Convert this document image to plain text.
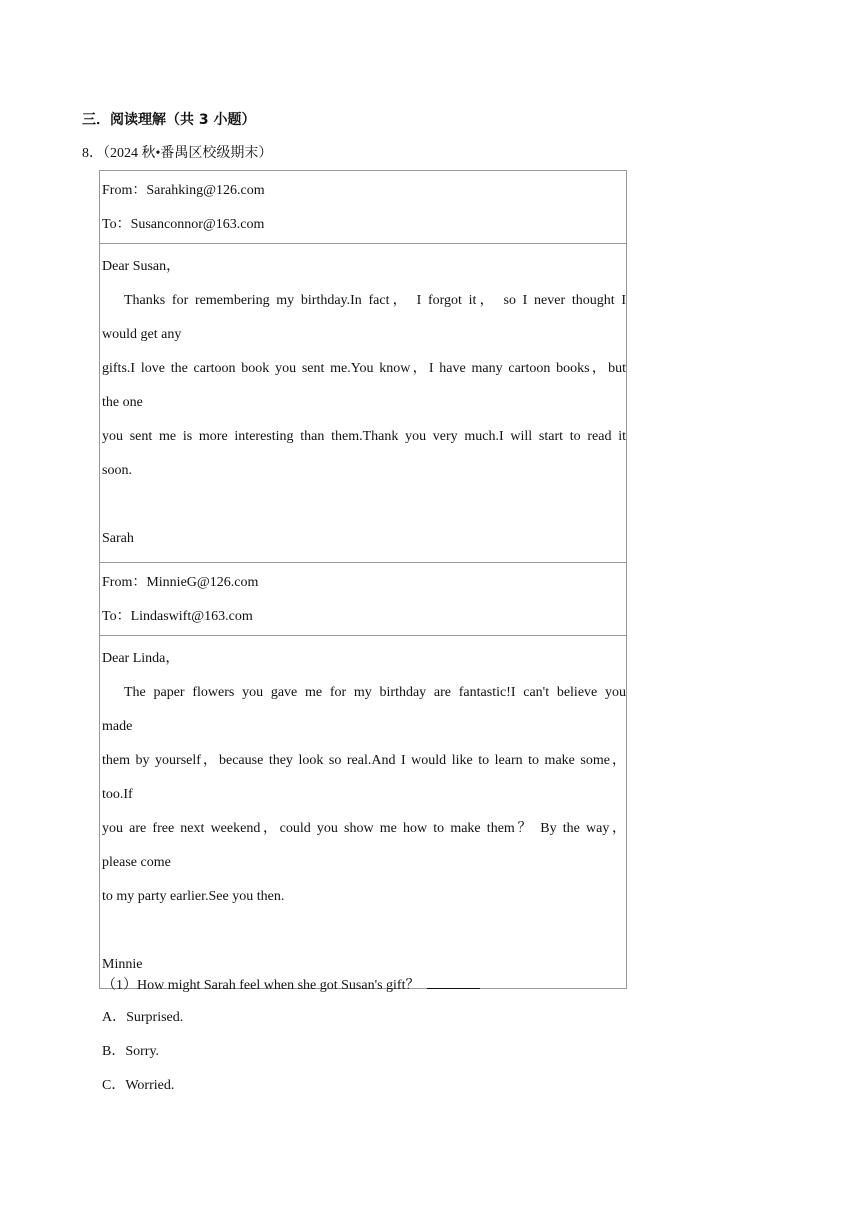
三．阅读理解（共 3 小题）
8．（2024 秋•番禺区校级期末）
From：Sarahking@126.com
To：Susanconnor@163.com

Dear Susan，
Thanks for remembering my birthday.In fact， I forgot it， so I never thought I
would get any
gifts.I love the cartoon book you sent me.You know，I have many cartoon books，but
the one
you sent me is more interesting than them.Thank you very much.I will start to read it
soon.
Sarah

From：MinnieG@126.com
To：Lindaswift@163.com

Dear Linda，
The paper flowers you gave me for my birthday are fantastic!I can't believe you
made
them by yourself，because they look so real.And I would like to learn to make some，
too.If
you are free next weekend，could you show me how to make them？ By the way，
please come
to my party earlier.See you then.
Minnie
（1）How might Sarah feel when she got Susan's gift？
A．Surprised.
B．Sorry.
C．Worried.
